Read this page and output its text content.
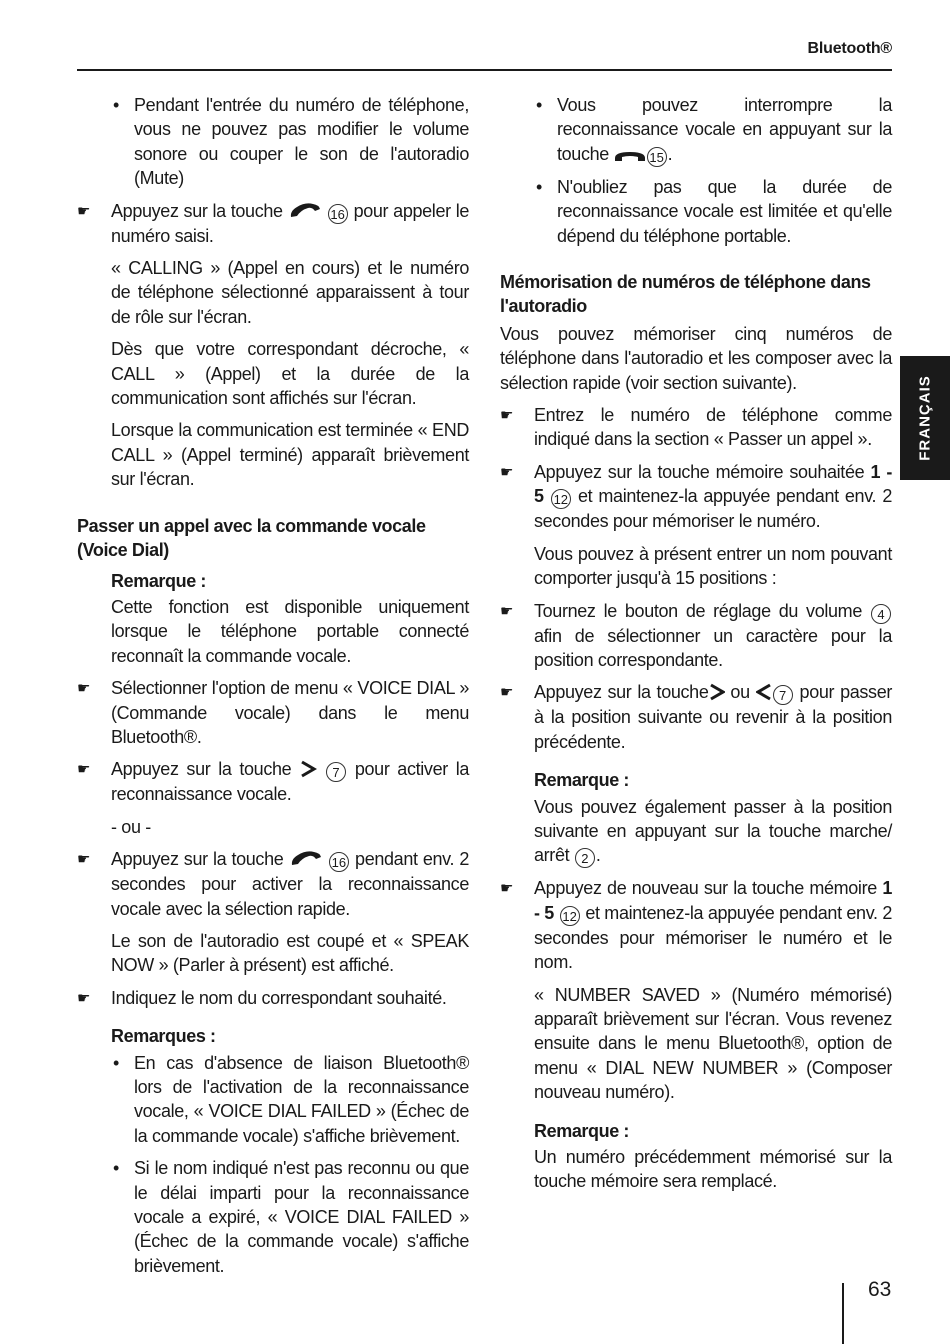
Bluetooth®
FRANÇAIS

• Pendant l'entrée du numéro de téléphone, vous ne pouvez pas modifier le volume sonore ou couper le son de l'autoradio (Mute)

☛ Appuyez sur la touche	16 pour appeler le numéro saisi.

« CALLING » (Appel en cours) et le numéro de téléphone sélectionné apparaissent à tour de rôle sur l'écran.

Dès que votre correspondant décroche, « CALL » (Appel) et la durée de la communication sont affichés sur l'écran.

Lorsque la communication est terminée « END CALL » (Appel terminé) apparaît brièvement sur l'écran.

Passer un appel avec la commande vocale (Voice Dial)
Remarque :

Cette fonction est disponible uniquement lorsque le téléphone portable connecté reconnaît la commande vocale.

☛ Sélectionner l'option de menu « VOICE DIAL » (Commande vocale) dans le menu Bluetooth®.

☛ Appuyez sur la touche	7 pour activer la reconnaissance vocale.

- ou -

☛ Appuyez sur la touche	16 pendant env. 2 secondes pour activer la reconnaissance vocale avec la sélection rapide.

Le son de l'autoradio est coupé et « SPEAK NOW » (Parler à présent) est affiché.

☛ Indiquez le nom du correspondant souhaité.

Remarques :

• En cas d'absence de liaison Bluetooth® lors de l'activation de la reconnaissance vocale, « VOICE DIAL FAILED » (Échec de la commande vocale) s'affiche brièvement.

• Si le nom indiqué n'est pas reconnu ou que le délai imparti pour la reconnaissance vocale a expiré, « VOICE DIAL FAILED » (Échec de la commande vocale) s'affiche brièvement.

• Vous pouvez interrompre la reconnaissance vocale en appuyant sur la touche	15 .

• N'oubliez pas que la durée de reconnaissance vocale est limitée et qu'elle dépend du téléphone portable.

Mémorisation de numéros de téléphone dans l'autoradio

Vous pouvez mémoriser cinq numéros de téléphone dans l'autoradio et les composer avec la sélection rapide (voir section suivante).

☛ Entrez le numéro de téléphone comme indiqué dans la section « Passer un appel ».

☛ Appuyez sur la touche mémoire souhaitée 1 - 5 12 et maintenez-la appuyée pendant env. 2 secondes pour mémoriser le numéro.

Vous pouvez à présent entrer un nom pouvant comporter jusqu'à 15 positions :

☛ Tournez le bouton de réglage du volume 4 afin de sélectionner un caractère pour la position correspondante.

☛ Appuyez sur la touche ou 7 pour passer à la position suivante ou revenir à la position précédente.

Remarque :

Vous pouvez également passer à la position suivante en appuyant sur la touche marche/ arrêt 2 .

☛ Appuyez de nouveau sur la touche mémoire 1 - 5 12 et maintenez-la appuyée pendant env. 2 secondes pour mémoriser le numéro et le nom.

« NUMBER SAVED » (Numéro mémorisé) apparaît brièvement sur l'écran. Vous revenez ensuite dans le menu Bluetooth®, option de menu « DIAL NEW NUMBER » (Composer nouveau numéro).

Remarque :

Un numéro précédemment mémorisé sur la touche mémoire sera remplacé.

63
